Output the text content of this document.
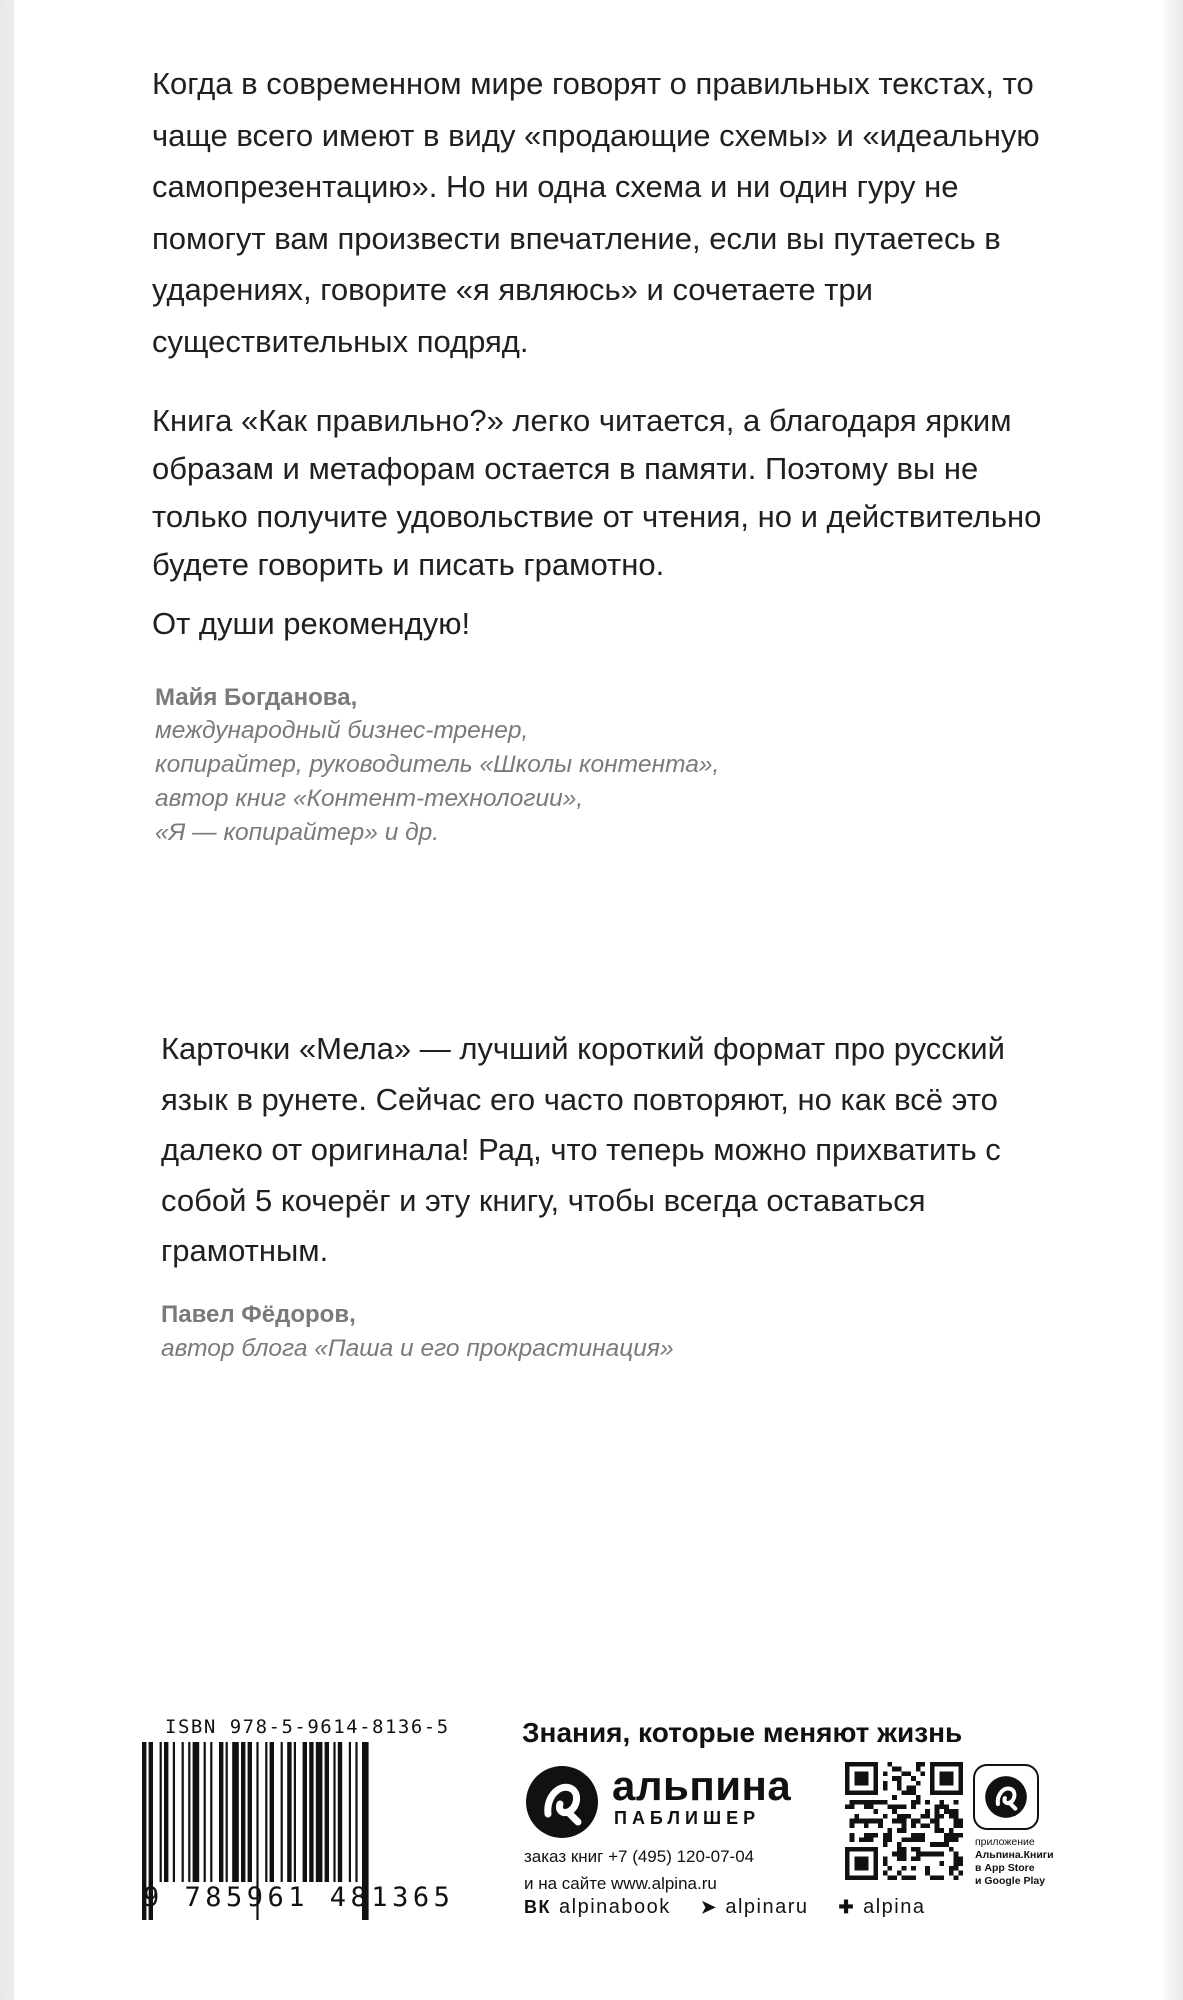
Когда в современном мире говорят о правильных текстах, то чаще всего имеют в виду «продающие схемы» и «идеальную самопрезентацию». Но ни одна схема и ни один гуру не помогут вам произвести впечатление, если вы путаетесь в ударениях, говорите «я являюсь» и сочетаете три существительных подряд.

Книга «Как правильно?» легко читается, а благодаря ярким образам и метафорам остается в памяти. Поэтому вы не только получите удовольствие от чтения, но и действительно будете говорить и писать грамотно.

От души рекомендую!

Майя Богданова,

международный бизнес-тренер,

копирайтер, руководитель «Школы контента»,

автор книг «Контент-технологии»,

«Я — копирайтер» и др.

Карточки «Мела» — лучший короткий формат про русский язык в рунете. Сейчас его часто повторяют, но как всё это далеко от оригинала! Рад, что теперь можно прихватить с собой 5 кочерёг и эту книгу, чтобы всегда оставаться грамотным.

Павел Фёдоров,

автор блога «Паша и его прокрастинация»

ISBN 978-5-9614-8136-5
9 785961 481365
Знания, которые меняют жизнь
альпина
ПАБЛИШЕР
заказ книг +7 (495) 120-07-04
и на сайте www.alpina.ru
приложение
Альпина.Книги
в App Store
и Google Play
ВК alpinabook ➤ alpinaru ✚ alpina
